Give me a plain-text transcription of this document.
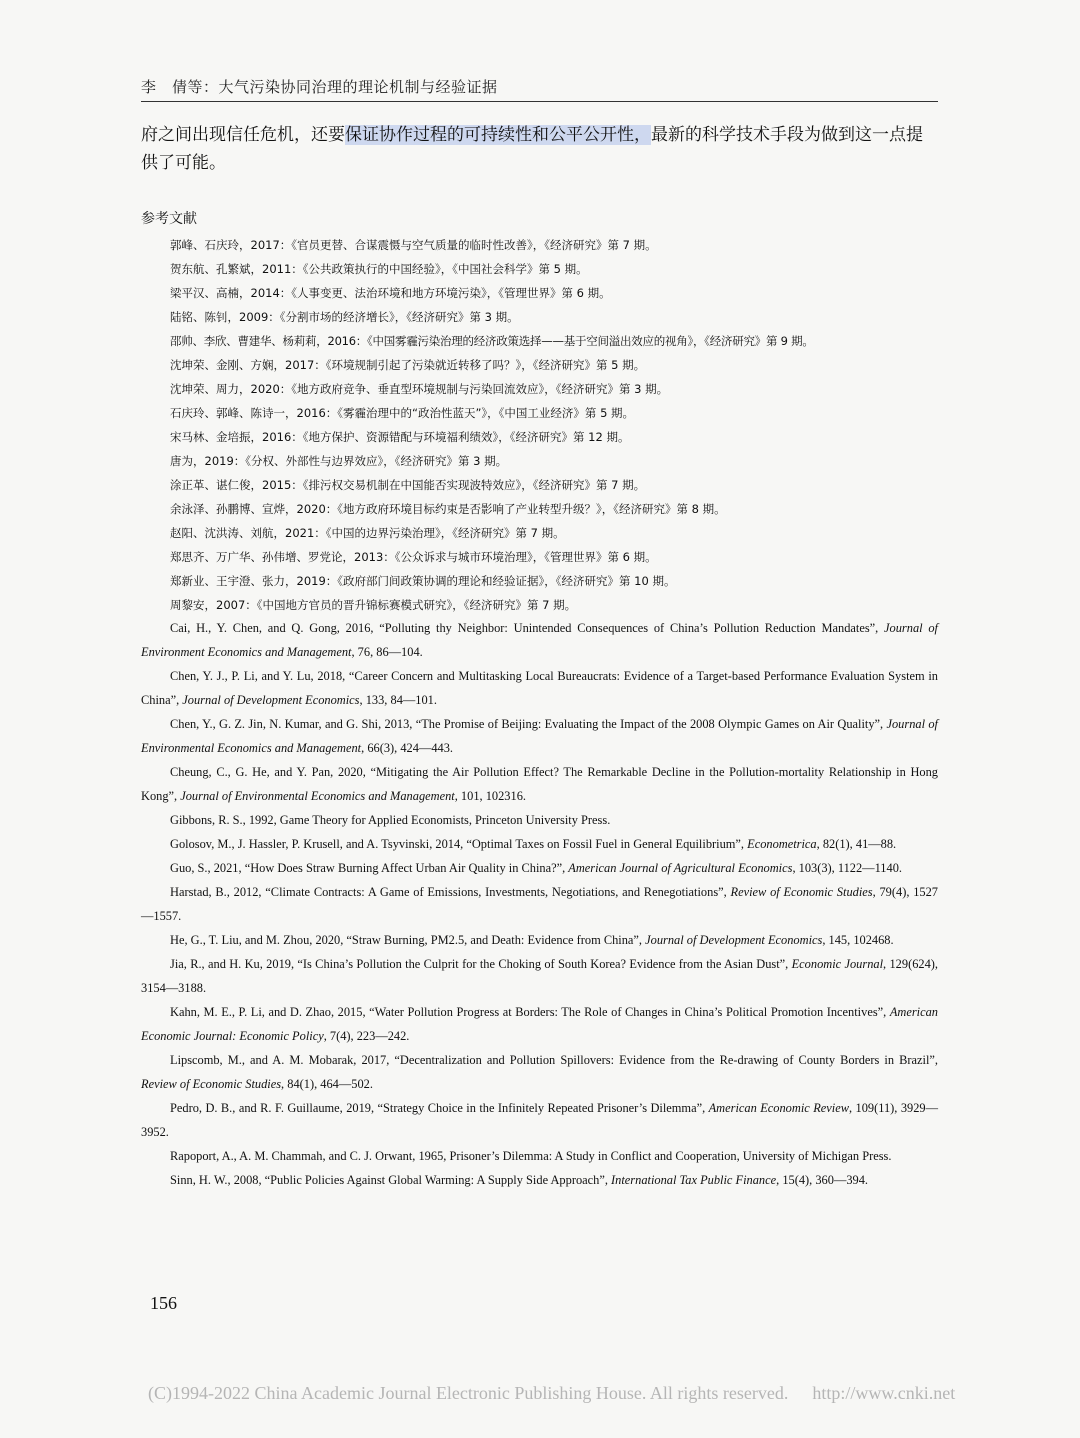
李　倩等：大气污染协同治理的理论机制与经验证据

府之间出现信任危机，还要保证协作过程的可持续性和公平公开性，最新的科学技术手段为做到这一点提供了可能。

参考文献
郭峰、石庆玲，2017：《官员更替、合谋震慑与空气质量的临时性改善》，《经济研究》第 7 期。
贺东航、孔繁斌，2011：《公共政策执行的中国经验》，《中国社会科学》第 5 期。
梁平汉、高楠，2014：《人事变更、法治环境和地方环境污染》，《管理世界》第 6 期。
陆铭、陈钊，2009：《分割市场的经济增长》，《经济研究》第 3 期。
邵帅、李欣、曹建华、杨莉莉，2016：《中国雾霾污染治理的经济政策选择——基于空间溢出效应的视角》，《经济研究》第 9 期。
沈坤荣、金刚、方娴，2017：《环境规制引起了污染就近转移了吗？》，《经济研究》第 5 期。
沈坤荣、周力，2020：《地方政府竞争、垂直型环境规制与污染回流效应》，《经济研究》第 3 期。
石庆玲、郭峰、陈诗一，2016：《雾霾治理中的“政治性蓝天”》，《中国工业经济》第 5 期。
宋马林、金培振，2016：《地方保护、资源错配与环境福利绩效》，《经济研究》第 12 期。
唐为，2019：《分权、外部性与边界效应》，《经济研究》第 3 期。
涂正革、谌仁俊，2015：《排污权交易机制在中国能否实现波特效应》，《经济研究》第 7 期。
余泳泽、孙鹏博、宣烨，2020：《地方政府环境目标约束是否影响了产业转型升级？》，《经济研究》第 8 期。
赵阳、沈洪涛、刘航，2021：《中国的边界污染治理》，《经济研究》第 7 期。
郑思齐、万广华、孙伟增、罗党论，2013：《公众诉求与城市环境治理》，《管理世界》第 6 期。
郑新业、王宇澄、张力，2019：《政府部门间政策协调的理论和经验证据》，《经济研究》第 10 期。
周黎安，2007：《中国地方官员的晋升锦标赛模式研究》，《经济研究》第 7 期。

Cai, H., Y. Chen, and Q. Gong, 2016, “Polluting thy Neighbor: Unintended Consequences of China’s Pollution Reduction Mandates”, Journal of Environment Economics and Management, 76, 86—104.

Chen, Y. J., P. Li, and Y. Lu, 2018, “Career Concern and Multitasking Local Bureaucrats: Evidence of a Target-based Performance Evaluation System in China”, Journal of Development Economics, 133, 84—101.

Chen, Y., G. Z. Jin, N. Kumar, and G. Shi, 2013, “The Promise of Beijing: Evaluating the Impact of the 2008 Olympic Games on Air Quality”, Journal of Environmental Economics and Management, 66(3), 424—443.

Cheung, C., G. He, and Y. Pan, 2020, “Mitigating the Air Pollution Effect? The Remarkable Decline in the Pollution-mortality Relationship in Hong Kong”, Journal of Environmental Economics and Management, 101, 102316.

Gibbons, R. S., 1992, Game Theory for Applied Economists, Princeton University Press.

Golosov, M., J. Hassler, P. Krusell, and A. Tsyvinski, 2014, “Optimal Taxes on Fossil Fuel in General Equilibrium”, Econometrica, 82(1), 41—88.

Guo, S., 2021, “How Does Straw Burning Affect Urban Air Quality in China?”, American Journal of Agricultural Economics, 103(3), 1122—1140.

Harstad, B., 2012, “Climate Contracts: A Game of Emissions, Investments, Negotiations, and Renegotiations”, Review of Economic Studies, 79(4), 1527—1557.

He, G., T. Liu, and M. Zhou, 2020, “Straw Burning, PM2.5, and Death: Evidence from China”, Journal of Development Economics, 145, 102468.

Jia, R., and H. Ku, 2019, “Is China’s Pollution the Culprit for the Choking of South Korea? Evidence from the Asian Dust”, Economic Journal, 129(624), 3154—3188.

Kahn, M. E., P. Li, and D. Zhao, 2015, “Water Pollution Progress at Borders: The Role of Changes in China’s Political Promotion Incentives”, American Economic Journal: Economic Policy, 7(4), 223—242.

Lipscomb, M., and A. M. Mobarak, 2017, “Decentralization and Pollution Spillovers: Evidence from the Re-drawing of County Borders in Brazil”, Review of Economic Studies, 84(1), 464—502.

Pedro, D. B., and R. F. Guillaume, 2019, “Strategy Choice in the Infinitely Repeated Prisoner’s Dilemma”, American Economic Review, 109(11), 3929—3952.

Rapoport, A., A. M. Chammah, and C. J. Orwant, 1965, Prisoner’s Dilemma: A Study in Conflict and Cooperation, University of Michigan Press.

Sinn, H. W., 2008, “Public Policies Against Global Warming: A Supply Side Approach”, International Tax Public Finance, 15(4), 360—394.

156
(C)1994-2022 China Academic Journal Electronic Publishing House. All rights reserved. http://www.cnki.net
